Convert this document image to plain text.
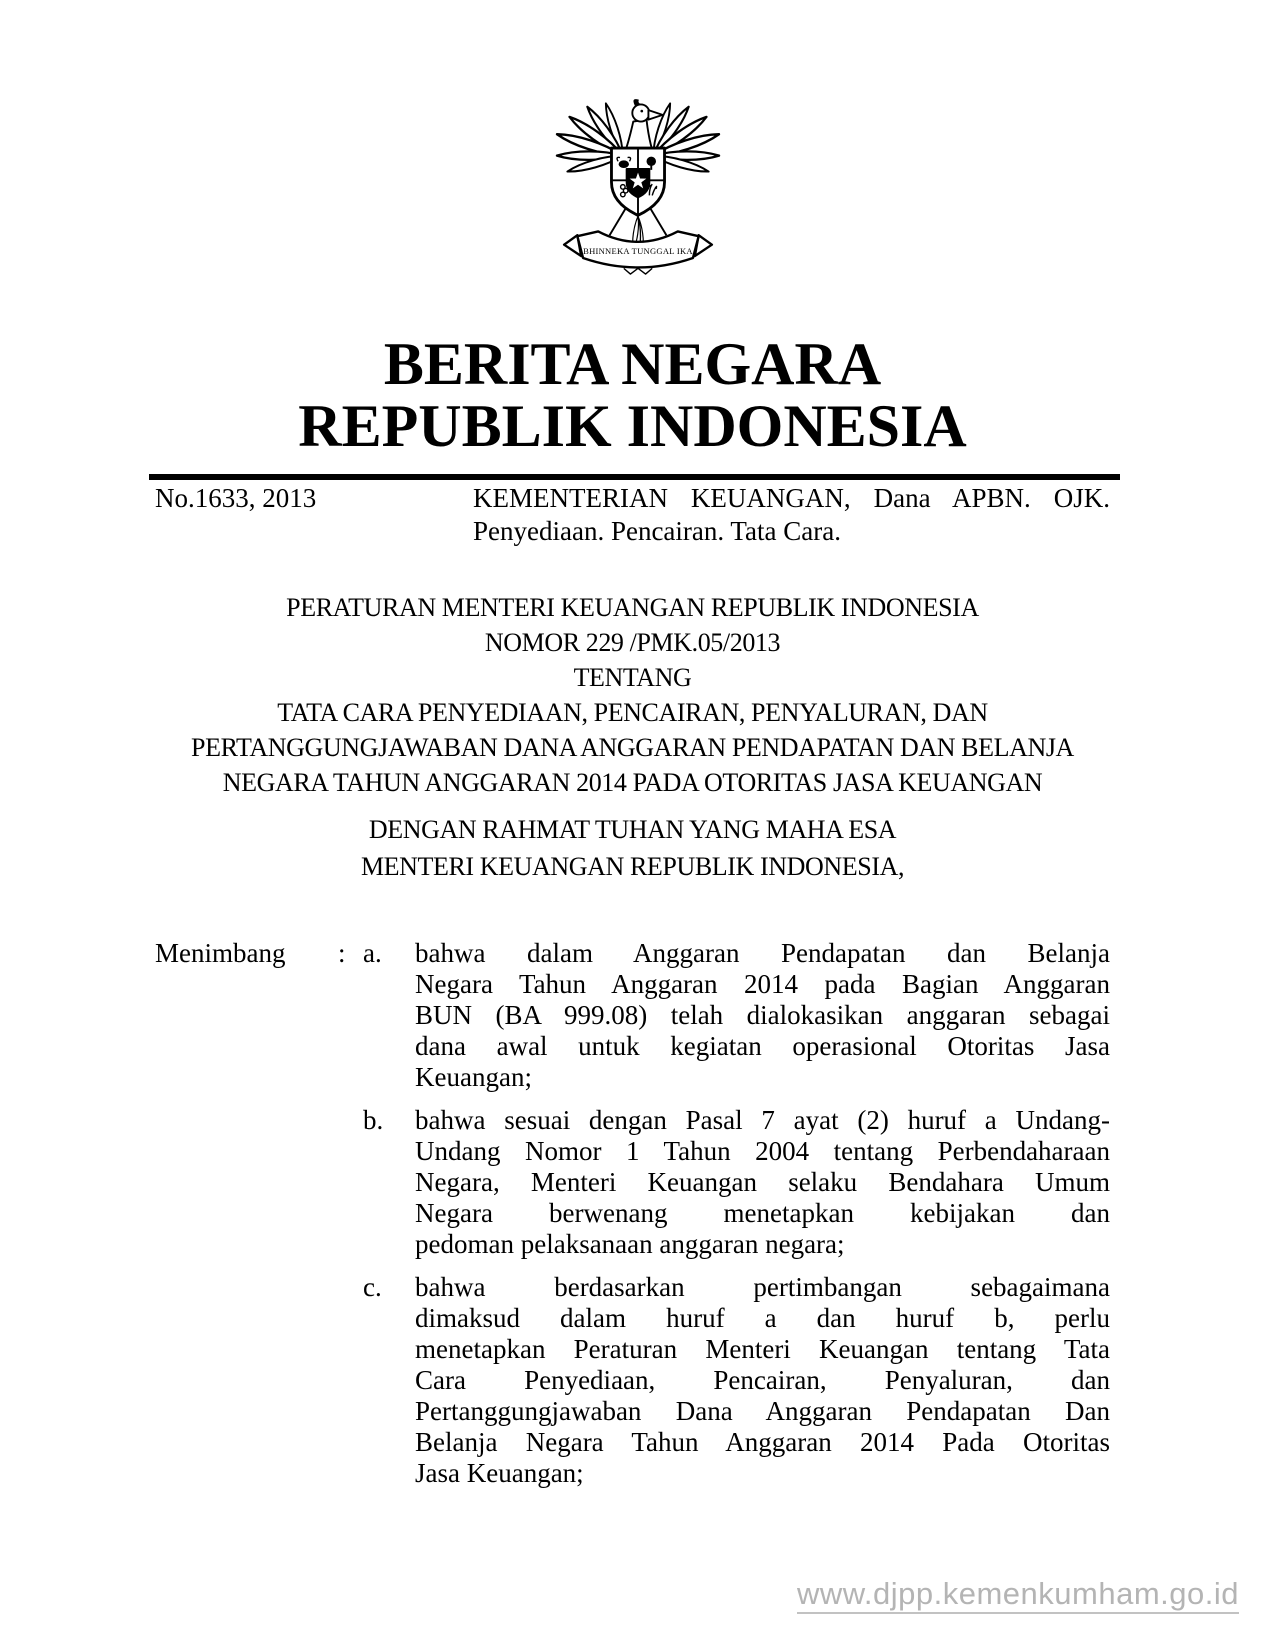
BHINNEKA TUNGGAL IKA
BERITA NEGARA
REPUBLIK INDONESIA
No.1633, 2013	KEMENTERIAN KEUANGAN, Dana APBN. OJK.
Penyediaan. Pencairan. Tata Cara.
PERATURAN MENTERI KEUANGAN REPUBLIK INDONESIA
NOMOR 229 /PMK.05/2013
TENTANG
TATA CARA PENYEDIAAN, PENCAIRAN, PENYALURAN, DAN
PERTANGGUNGJAWABAN DANA ANGGARAN PENDAPATAN DAN BELANJA
NEGARA TAHUN ANGGARAN 2014 PADA OTORITAS JASA KEUANGAN
DENGAN RAHMAT TUHAN YANG MAHA ESA
MENTERI KEUANGAN REPUBLIK INDONESIA,
Menimbang	: a.	bahwa dalam Anggaran Pendapatan dan Belanja
Negara Tahun Anggaran 2014 pada Bagian Anggaran
BUN (BA 999.08) telah dialokasikan anggaran sebagai
dana awal untuk kegiatan operasional Otoritas Jasa
Keuangan;
b.	bahwa sesuai dengan Pasal 7 ayat (2) huruf a Undang-
Undang Nomor 1 Tahun 2004 tentang Perbendaharaan
Negara, Menteri Keuangan selaku Bendahara Umum
Negara berwenang menetapkan kebijakan dan
pedoman pelaksanaan anggaran negara;
c.	bahwa berdasarkan pertimbangan sebagaimana
dimaksud dalam huruf a dan huruf b, perlu
menetapkan Peraturan Menteri Keuangan tentang Tata
Cara Penyediaan, Pencairan, Penyaluran, dan
Pertanggungjawaban Dana Anggaran Pendapatan Dan
Belanja Negara Tahun Anggaran 2014 Pada Otoritas
Jasa Keuangan;
www.djpp.kemenkumham.go.id
